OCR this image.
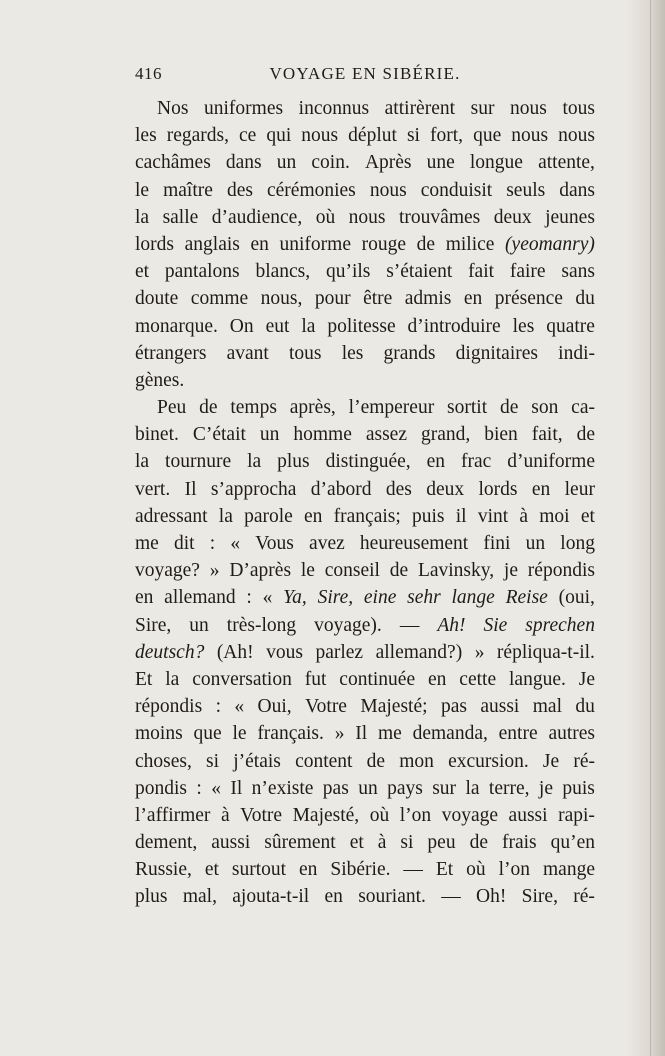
416	VOYAGE EN SIBÉRIE.
Nos uniformes inconnus attirèrent sur nous tous
les regards, ce qui nous déplut si fort, que nous nous
cachâmes dans un coin. Après une longue attente,
le maître des cérémonies nous conduisit seuls dans
la salle d’audience, où nous trouvâmes deux jeunes
lords anglais en uniforme rouge de milice (yeomanry)
et pantalons blancs, qu’ils s’étaient fait faire sans
doute comme nous, pour être admis en présence du
monarque. On eut la politesse d’introduire les quatre
étrangers avant tous les grands dignitaires indi-
gènes.
Peu de temps après, l’empereur sortit de son ca-
binet. C’était un homme assez grand, bien fait, de
la tournure la plus distinguée, en frac d’uniforme
vert. Il s’approcha d’abord des deux lords en leur
adressant la parole en français; puis il vint à moi et
me dit : « Vous avez heureusement fini un long
voyage? » D’après le conseil de Lavinsky, je répondis
en allemand : « Ya, Sire, eine sehr lange Reise (oui,
Sire, un très-long voyage). — Ah! Sie sprechen
deutsch? (Ah! vous parlez allemand?) » répliqua-t-il.
Et la conversation fut continuée en cette langue. Je
répondis : « Oui, Votre Majesté; pas aussi mal du
moins que le français. » Il me demanda, entre autres
choses, si j’étais content de mon excursion. Je ré-
pondis : « Il n’existe pas un pays sur la terre, je puis
l’affirmer à Votre Majesté, où l’on voyage aussi rapi-
dement, aussi sûrement et à si peu de frais qu’en
Russie, et surtout en Sibérie. — Et où l’on mange
plus mal, ajouta-t-il en souriant. — Oh! Sire, ré-
